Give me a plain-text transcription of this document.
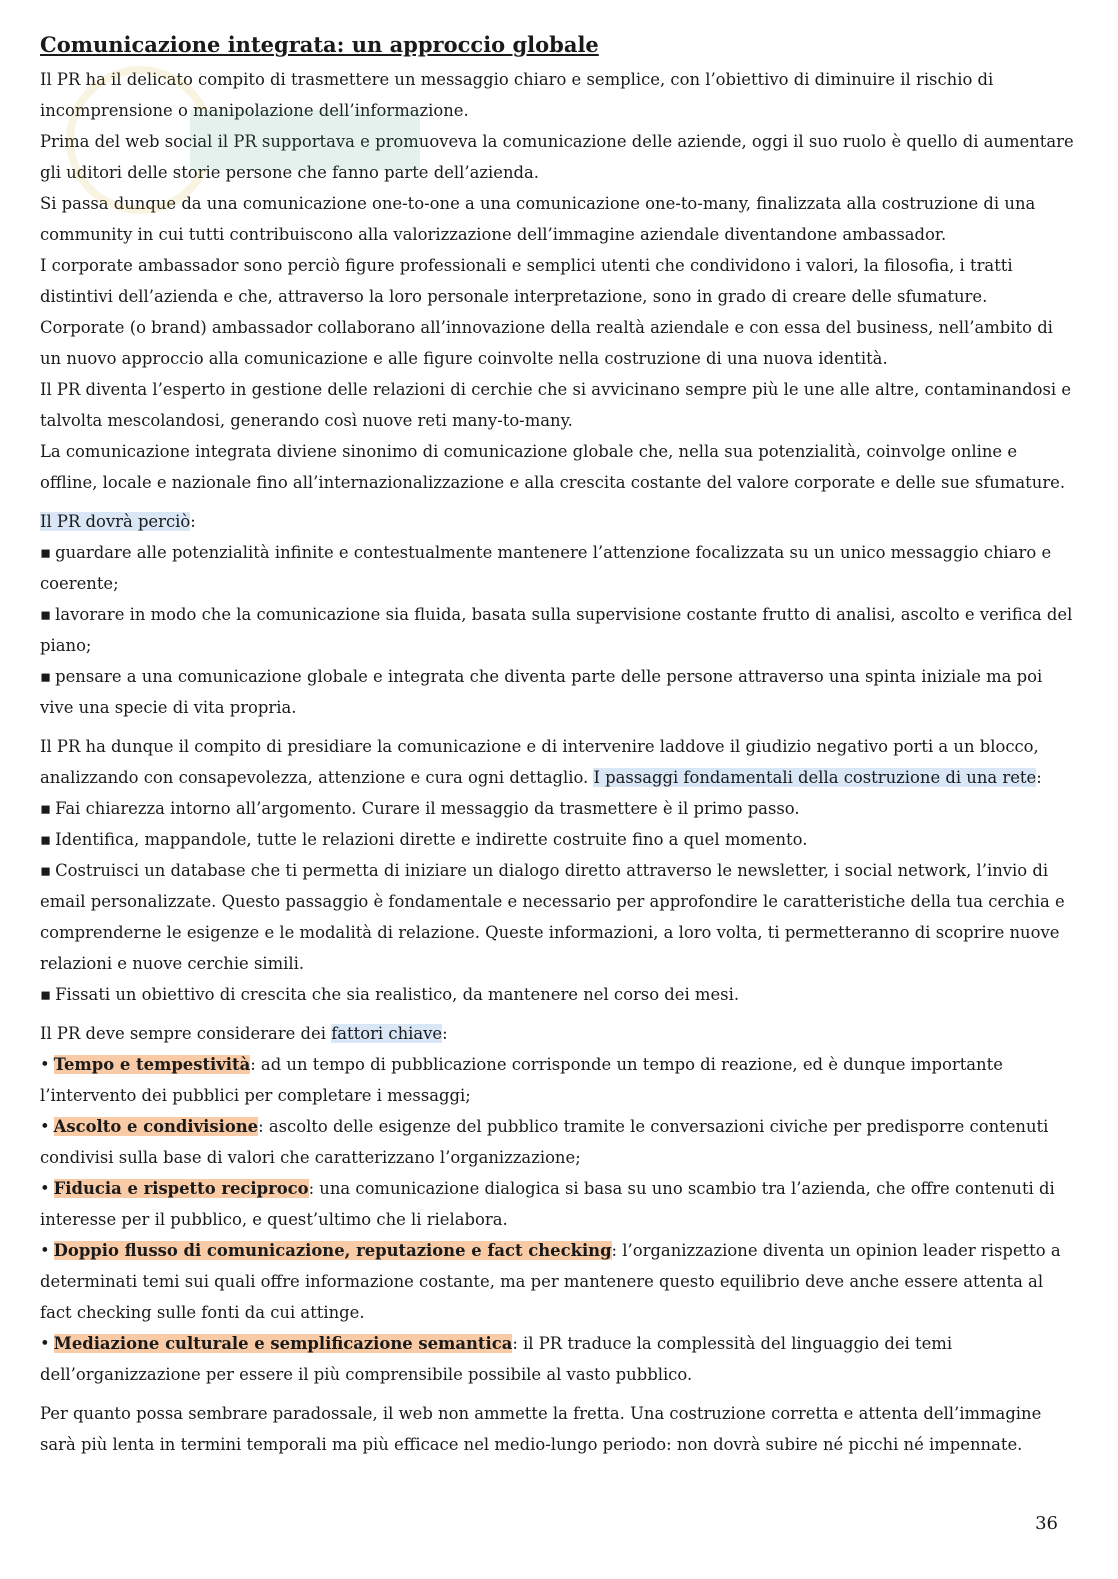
Comunicazione integrata: un approccio globale

Il PR ha il delicato compito di trasmettere un messaggio chiaro e semplice, con l’obiettivo di diminuire il rischio di incomprensione o manipolazione dell’informazione.

Prima del web social il PR supportava e promuoveva la comunicazione delle aziende, oggi il suo ruolo è quello di aumentare gli uditori delle storie persone che fanno parte dell’azienda.

Si passa dunque da una comunicazione one-to-one a una comunicazione one-to-many, finalizzata alla costruzione di una community in cui tutti contribuiscono alla valorizzazione dell’immagine aziendale diventandone ambassador.

I corporate ambassador sono perciò figure professionali e semplici utenti che condividono i valori, la filosofia, i tratti distintivi dell’azienda e che, attraverso la loro personale interpretazione, sono in grado di creare delle sfumature.

Corporate (o brand) ambassador collaborano all’innovazione della realtà aziendale e con essa del business, nell’ambito di un nuovo approccio alla comunicazione e alle figure coinvolte nella costruzione di una nuova identità.

Il PR diventa l’esperto in gestione delle relazioni di cerchie che si avvicinano sempre più le une alle altre, contaminandosi e talvolta mescolandosi, generando così nuove reti many-to-many.

La comunicazione integrata diviene sinonimo di comunicazione globale che, nella sua potenzialità, coinvolge online e offline, locale e nazionale fino all’internazionalizzazione e alla crescita costante del valore corporate e delle sue sfumature.

Il PR dovrà perciò:

▪ guardare alle potenzialità infinite e contestualmente mantenere l’attenzione focalizzata su un unico messaggio chiaro e coerente;

▪ lavorare in modo che la comunicazione sia fluida, basata sulla supervisione costante frutto di analisi, ascolto e verifica del piano;

▪ pensare a una comunicazione globale e integrata che diventa parte delle persone attraverso una spinta iniziale ma poi vive una specie di vita propria.

Il PR ha dunque il compito di presidiare la comunicazione e di intervenire laddove il giudizio negativo porti a un blocco, analizzando con consapevolezza, attenzione e cura ogni dettaglio. I passaggi fondamentali della costruzione di una rete:

▪ Fai chiarezza intorno all’argomento. Curare il messaggio da trasmettere è il primo passo.

▪ Identifica, mappandole, tutte le relazioni dirette e indirette costruite fino a quel momento.

▪ Costruisci un database che ti permetta di iniziare un dialogo diretto attraverso le newsletter, i social network, l’invio di email personalizzate. Questo passaggio è fondamentale e necessario per approfondire le caratteristiche della tua cerchia e comprenderne le esigenze e le modalità di relazione. Queste informazioni, a loro volta, ti permetteranno di scoprire nuove relazioni e nuove cerchie simili.

▪ Fissati un obiettivo di crescita che sia realistico, da mantenere nel corso dei mesi.

Il PR deve sempre considerare dei fattori chiave:

• Tempo e tempestività: ad un tempo di pubblicazione corrisponde un tempo di reazione, ed è dunque importante l’intervento dei pubblici per completare i messaggi;

• Ascolto e condivisione: ascolto delle esigenze del pubblico tramite le conversazioni civiche per predisporre contenuti condivisi sulla base di valori che caratterizzano l’organizzazione;

• Fiducia e rispetto reciproco: una comunicazione dialogica si basa su uno scambio tra l’azienda, che offre contenuti di interesse per il pubblico, e quest’ultimo che li rielabora.

• Doppio flusso di comunicazione, reputazione e fact checking: l’organizzazione diventa un opinion leader rispetto a determinati temi sui quali offre informazione costante, ma per mantenere questo equilibrio deve anche essere attenta al fact checking sulle fonti da cui attinge.

• Mediazione culturale e semplificazione semantica: il PR traduce la complessità del linguaggio dei temi dell’organizzazione per essere il più comprensibile possibile al vasto pubblico.

Per quanto possa sembrare paradossale, il web non ammette la fretta. Una costruzione corretta e attenta dell’immagine sarà più lenta in termini temporali ma più efficace nel medio-lungo periodo: non dovrà subire né picchi né impennate.

36
